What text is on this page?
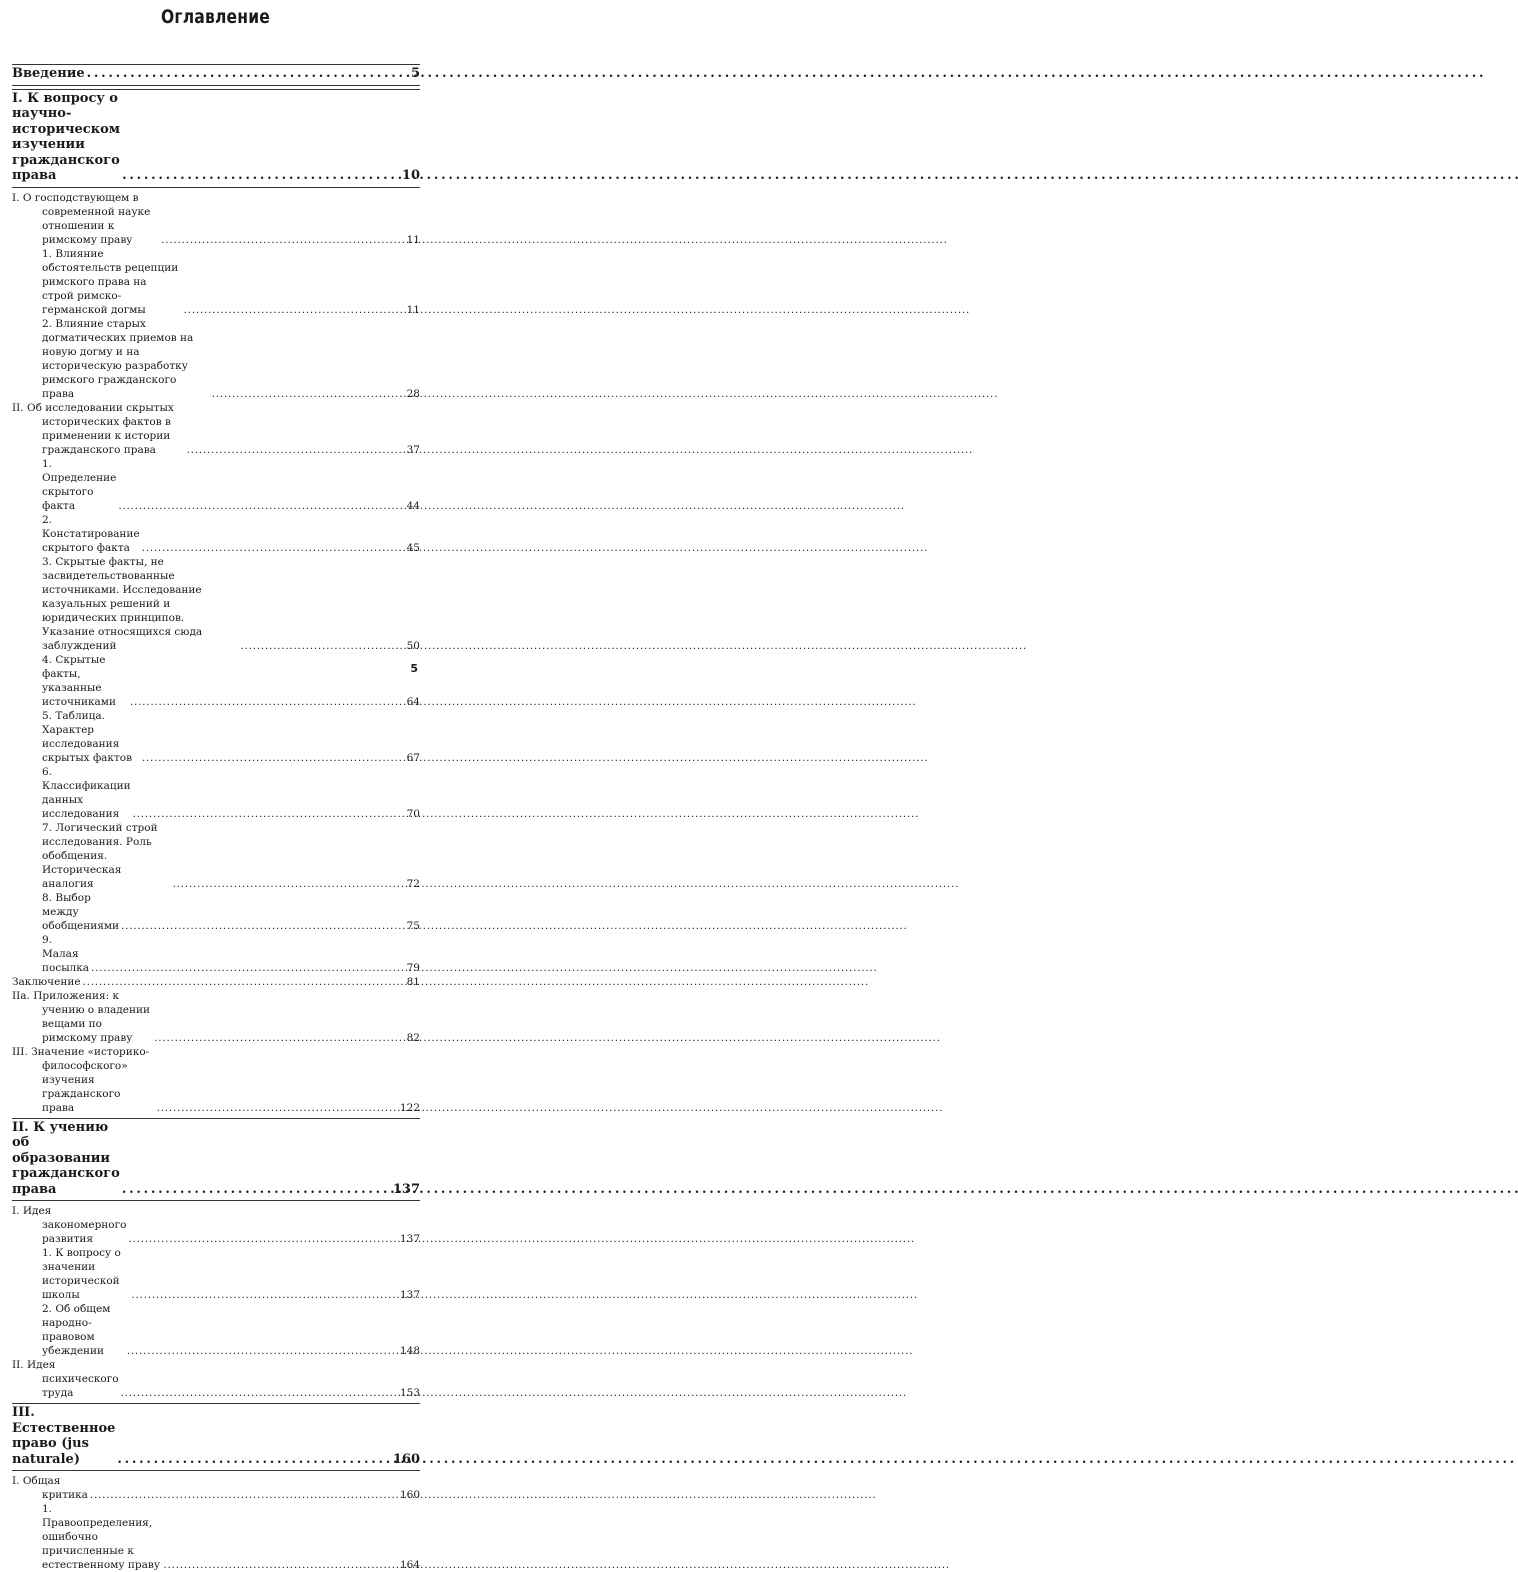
Оглавление
Введение . . .	5
I. К вопросу о научно-историческом изучении гражданского права . . .	10
I. О господствующем в современной науке отношении к римскому праву . . .	11
1. Влияние обстоятельств рецепции римского права на строй римско-германской догмы . . .	11
2. Влияние старых догматических приемов на новую догму и на историческую разработку римского гражданского права . . .	28
II. Об исследовании скрытых исторических фактов в применении к истории гражданского права . . .	37
1. Определение скрытого факта . . .	44
2. Констатирование скрытого факта . . .	45
3. Скрытые факты, не засвидетельствованные источниками. Исследование казуальных решений и юридических принципов. Указание относящихся сюда заблуждений . . .	50
4. Скрытые факты, указанные источниками . . .	64
5. Таблица. Характер исследования скрытых фактов . . .	67
6. Классификации данных исследования . . .	70
7. Логический строй исследования. Роль обобщения. Историческая аналогия . . .	72
8. Выбор между обобщениями . . .	75
9. Малая посылка . . .	79
Заключение . . .	81
IIa. Приложения: к учению о владении вещами по римскому праву . . .	82
III. Значение «историко-философского» изучения гражданского права . . .	122
II. К учению об образовании гражданского права . . .	137
I. Идея закономерного развития . . .	137
1. К вопросу о значении исторической школы . . .	137
2. Об общем народно-правовом убеждении . . .	148
II. Идея психического труда . . .	153
III. Естественное право (jus naturale) . . .	160
I. Общая критика . . .	160
1. Правоопределения, ошибочно причисленные к естественному праву . . .	164
5
